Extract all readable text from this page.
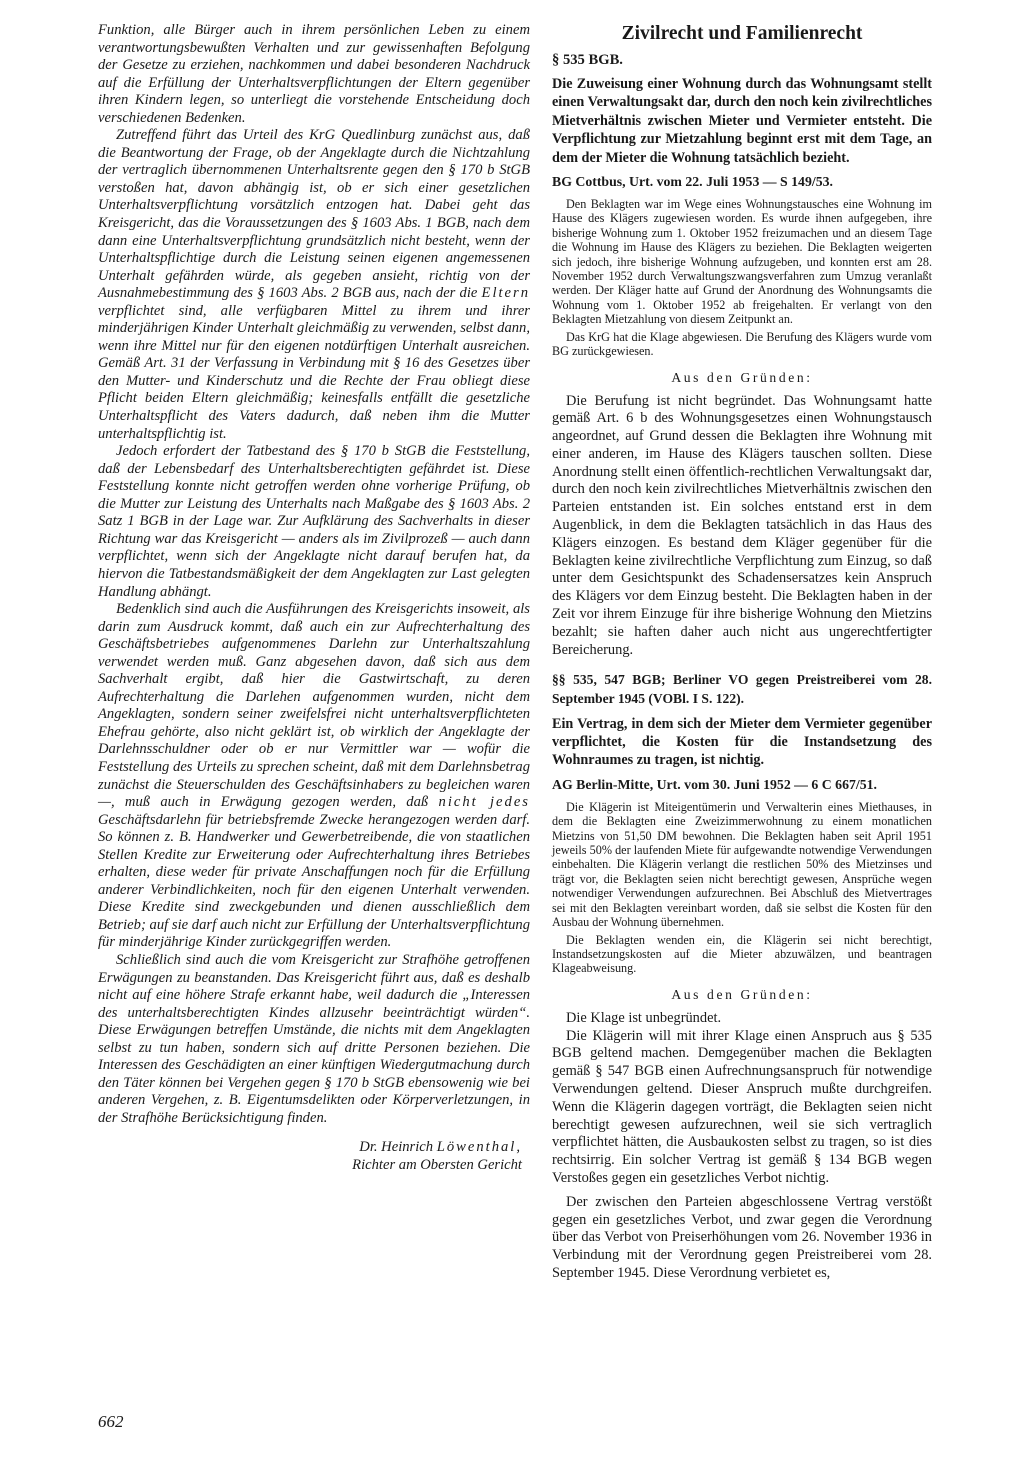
Funktion, alle Bürger auch in ihrem persönlichen Leben zu einem verantwortungsbewußten Verhalten und zur gewissenhaften Befolgung der Gesetze zu erziehen, nachkommen und dabei besonderen Nachdruck auf die Erfüllung der Unterhaltsverpflichtungen der Eltern gegenüber ihren Kindern legen, so unterliegt die vorstehende Entscheidung doch verschiedenen Bedenken.

Zutreffend führt das Urteil des KrG Quedlinburg zunächst aus, daß die Beantwortung der Frage, ob der Angeklagte durch die Nichtzahlung der vertraglich übernommenen Unterhaltsrente gegen den § 170 b StGB verstoßen hat, davon abhängig ist, ob er sich einer gesetzlichen Unterhaltsverpflichtung vorsätzlich entzogen hat. Dabei geht das Kreisgericht, das die Voraussetzungen des § 1603 Abs. 1 BGB, nach dem dann eine Unterhaltsverpflichtung grundsätzlich nicht besteht, wenn der Unterhaltspflichtige durch die Leistung seinen eigenen angemessenen Unterhalt gefährden würde, als gegeben ansieht, richtig von der Ausnahmebestimmung des § 1603 Abs. 2 BGB aus, nach der die Eltern verpflichtet sind, alle verfügbaren Mittel zu ihrem und ihrer minderjährigen Kinder Unterhalt gleichmäßig zu verwenden, selbst dann, wenn ihre Mittel nur für den eigenen notdürftigen Unterhalt ausreichen. Gemäß Art. 31 der Verfassung in Verbindung mit § 16 des Gesetzes über den Mutter- und Kinderschutz und die Rechte der Frau obliegt diese Pflicht beiden Eltern gleichmäßig; keinesfalls entfällt die gesetzliche Unterhaltspflicht des Vaters dadurch, daß neben ihm die Mutter unterhaltspflichtig ist.

Jedoch erfordert der Tatbestand des § 170 b StGB die Feststellung, daß der Lebensbedarf des Unterhaltsberechtigten gefährdet ist. Diese Feststellung konnte nicht getroffen werden ohne vorherige Prüfung, ob die Mutter zur Leistung des Unterhalts nach Maßgabe des § 1603 Abs. 2 Satz 1 BGB in der Lage war. Zur Aufklärung des Sachverhalts in dieser Richtung war das Kreisgericht — anders als im Zivilprozeß — auch dann verpflichtet, wenn sich der Angeklagte nicht darauf berufen hat, da hiervon die Tatbestandsmäßigkeit der dem Angeklagten zur Last gelegten Handlung abhängt.

Bedenklich sind auch die Ausführungen des Kreisgerichts insoweit, als darin zum Ausdruck kommt, daß auch ein zur Aufrechterhaltung des Geschäftsbetriebes aufgenommenes Darlehn zur Unterhaltszahlung verwendet werden muß. Ganz abgesehen davon, daß sich aus dem Sachverhalt ergibt, daß hier die Gastwirtschaft, zu deren Aufrechterhaltung die Darlehen aufgenommen wurden, nicht dem Angeklagten, sondern seiner zweifelsfrei nicht unterhaltsverpflichteten Ehefrau gehörte, also nicht geklärt ist, ob wirklich der Angeklagte der Darlehnsschuldner oder ob er nur Vermittler war — wofür die Feststellung des Urteils zu sprechen scheint, daß mit dem Darlehnsbetrag zunächst die Steuerschulden des Geschäftsinhabers zu begleichen waren —, muß auch in Erwägung gezogen werden, daß nicht jedes Geschäftsdarlehn für betriebsfremde Zwecke herangezogen werden darf. So können z. B. Handwerker und Gewerbetreibende, die von staatlichen Stellen Kredite zur Erweiterung oder Aufrechterhaltung ihres Betriebes erhalten, diese weder für private Anschaffungen noch für die Erfüllung anderer Verbindlichkeiten, noch für den eigenen Unterhalt verwenden. Diese Kredite sind zweckgebunden und dienen ausschließlich dem Betrieb; auf sie darf auch nicht zur Erfüllung der Unterhaltsverpflichtung für minderjährige Kinder zurückgegriffen werden.

Schließlich sind auch die vom Kreisgericht zur Strafhöhe getroffenen Erwägungen zu beanstanden. Das Kreisgericht führt aus, daß es deshalb nicht auf eine höhere Strafe erkannt habe, weil dadurch die „Interessen des unterhaltsberechtigten Kindes allzusehr beeinträchtigt würden“. Diese Erwägungen betreffen Umstände, die nichts mit dem Angeklagten selbst zu tun haben, sondern sich auf dritte Personen beziehen. Die Interessen des Geschädigten an einer künftigen Wiedergutmachung durch den Täter können bei Vergehen gegen § 170 b StGB ebensowenig wie bei anderen Vergehen, z. B. Eigentumsdelikten oder Körperverletzungen, in der Strafhöhe Berücksichtigung finden.

Dr. Heinrich Löwenthal,
Richter am Obersten Gericht
Zivilrecht und Familienrecht
§ 535 BGB.

Die Zuweisung einer Wohnung durch das Wohnungsamt stellt einen Verwaltungsakt dar, durch den noch kein zivilrechtliches Mietverhältnis zwischen Mieter und Vermieter entsteht. Die Verpflichtung zur Mietzahlung beginnt erst mit dem Tage, an dem der Mieter die Wohnung tatsächlich bezieht.

BG Cottbus, Urt. vom 22. Juli 1953 — S 149/53.

Den Beklagten war im Wege eines Wohnungstausches eine Wohnung im Hause des Klägers zugewiesen worden. Es wurde ihnen aufgegeben, ihre bisherige Wohnung zum 1. Oktober 1952 freizumachen und an diesem Tage die Wohnung im Hause des Klägers zu beziehen. Die Beklagten weigerten sich jedoch, ihre bisherige Wohnung aufzugeben, und konnten erst am 28. November 1952 durch Verwaltungszwangsverfahren zum Umzug veranlaßt werden. Der Kläger hatte auf Grund der Anordnung des Wohnungsamts die Wohnung vom 1. Oktober 1952 ab freigehalten. Er verlangt von den Beklagten Mietzahlung von diesem Zeitpunkt an.

Das KrG hat die Klage abgewiesen. Die Berufung des Klägers wurde vom BG zurückgewiesen.

Aus den Gründen:

Die Berufung ist nicht begründet. Das Wohnungsamt hatte gemäß Art. 6 b des Wohnungsgesetzes einen Wohnungstausch angeordnet, auf Grund dessen die Beklagten ihre Wohnung mit einer anderen, im Hause des Klägers tauschen sollten. Diese Anordnung stellt einen öffentlich-rechtlichen Verwaltungsakt dar, durch den noch kein zivilrechtliches Mietverhältnis zwischen den Parteien entstanden ist. Ein solches entstand erst in dem Augenblick, in dem die Beklagten tatsächlich in das Haus des Klägers einzogen. Es bestand dem Kläger gegenüber für die Beklagten keine zivilrechtliche Verpflichtung zum Einzug, so daß unter dem Gesichtspunkt des Schadensersatzes kein Anspruch des Klägers vor dem Einzug besteht. Die Beklagten haben in der Zeit vor ihrem Einzuge für ihre bisherige Wohnung den Mietzins bezahlt; sie haften daher auch nicht aus ungerechtfertigter Bereicherung.

§§ 535, 547 BGB; Berliner VO gegen Preistreiberei vom 28. September 1945 (VOBl. I S. 122).

Ein Vertrag, in dem sich der Mieter dem Vermieter gegenüber verpflichtet, die Kosten für die Instandsetzung des Wohnraumes zu tragen, ist nichtig.

AG Berlin-Mitte, Urt. vom 30. Juni 1952 — 6 C 667/51.

Die Klägerin ist Miteigentümerin und Verwalterin eines Miethauses, in dem die Beklagten eine Zweizimmerwohnung zu einem monatlichen Mietzins von 51,50 DM bewohnen. Die Beklagten haben seit April 1951 jeweils 50% der laufenden Miete für aufgewandte notwendige Verwendungen einbehalten. Die Klägerin verlangt die restlichen 50% des Mietzinses und trägt vor, die Beklagten seien nicht berechtigt gewesen, Ansprüche wegen notwendiger Verwendungen aufzurechnen. Bei Abschluß des Mietvertrages sei mit den Beklagten vereinbart worden, daß sie selbst die Kosten für den Ausbau der Wohnung übernehmen.

Die Beklagten wenden ein, die Klägerin sei nicht berechtigt, Instandsetzungskosten auf die Mieter abzuwälzen, und beantragen Klageabweisung.

Aus den Gründen:

Die Klage ist unbegründet.

Die Klägerin will mit ihrer Klage einen Anspruch aus § 535 BGB geltend machen. Demgegenüber machen die Beklagten gemäß § 547 BGB einen Aufrechnungsanspruch für notwendige Verwendungen geltend. Dieser Anspruch mußte durchgreifen. Wenn die Klägerin dagegen vorträgt, die Beklagten seien nicht berechtigt gewesen aufzurechnen, weil sie sich vertraglich verpflichtet hätten, die Ausbaukosten selbst zu tragen, so ist dies rechtsirrig. Ein solcher Vertrag ist gemäß § 134 BGB wegen Verstoßes gegen ein gesetzliches Verbot nichtig.

Der zwischen den Parteien abgeschlossene Vertrag verstößt gegen ein gesetzliches Verbot, und zwar gegen die Verordnung über das Verbot von Preiserhöhungen vom 26. November 1936 in Verbindung mit der Verordnung gegen Preistreiberei vom 28. September 1945. Diese Verordnung verbietet es,

662
